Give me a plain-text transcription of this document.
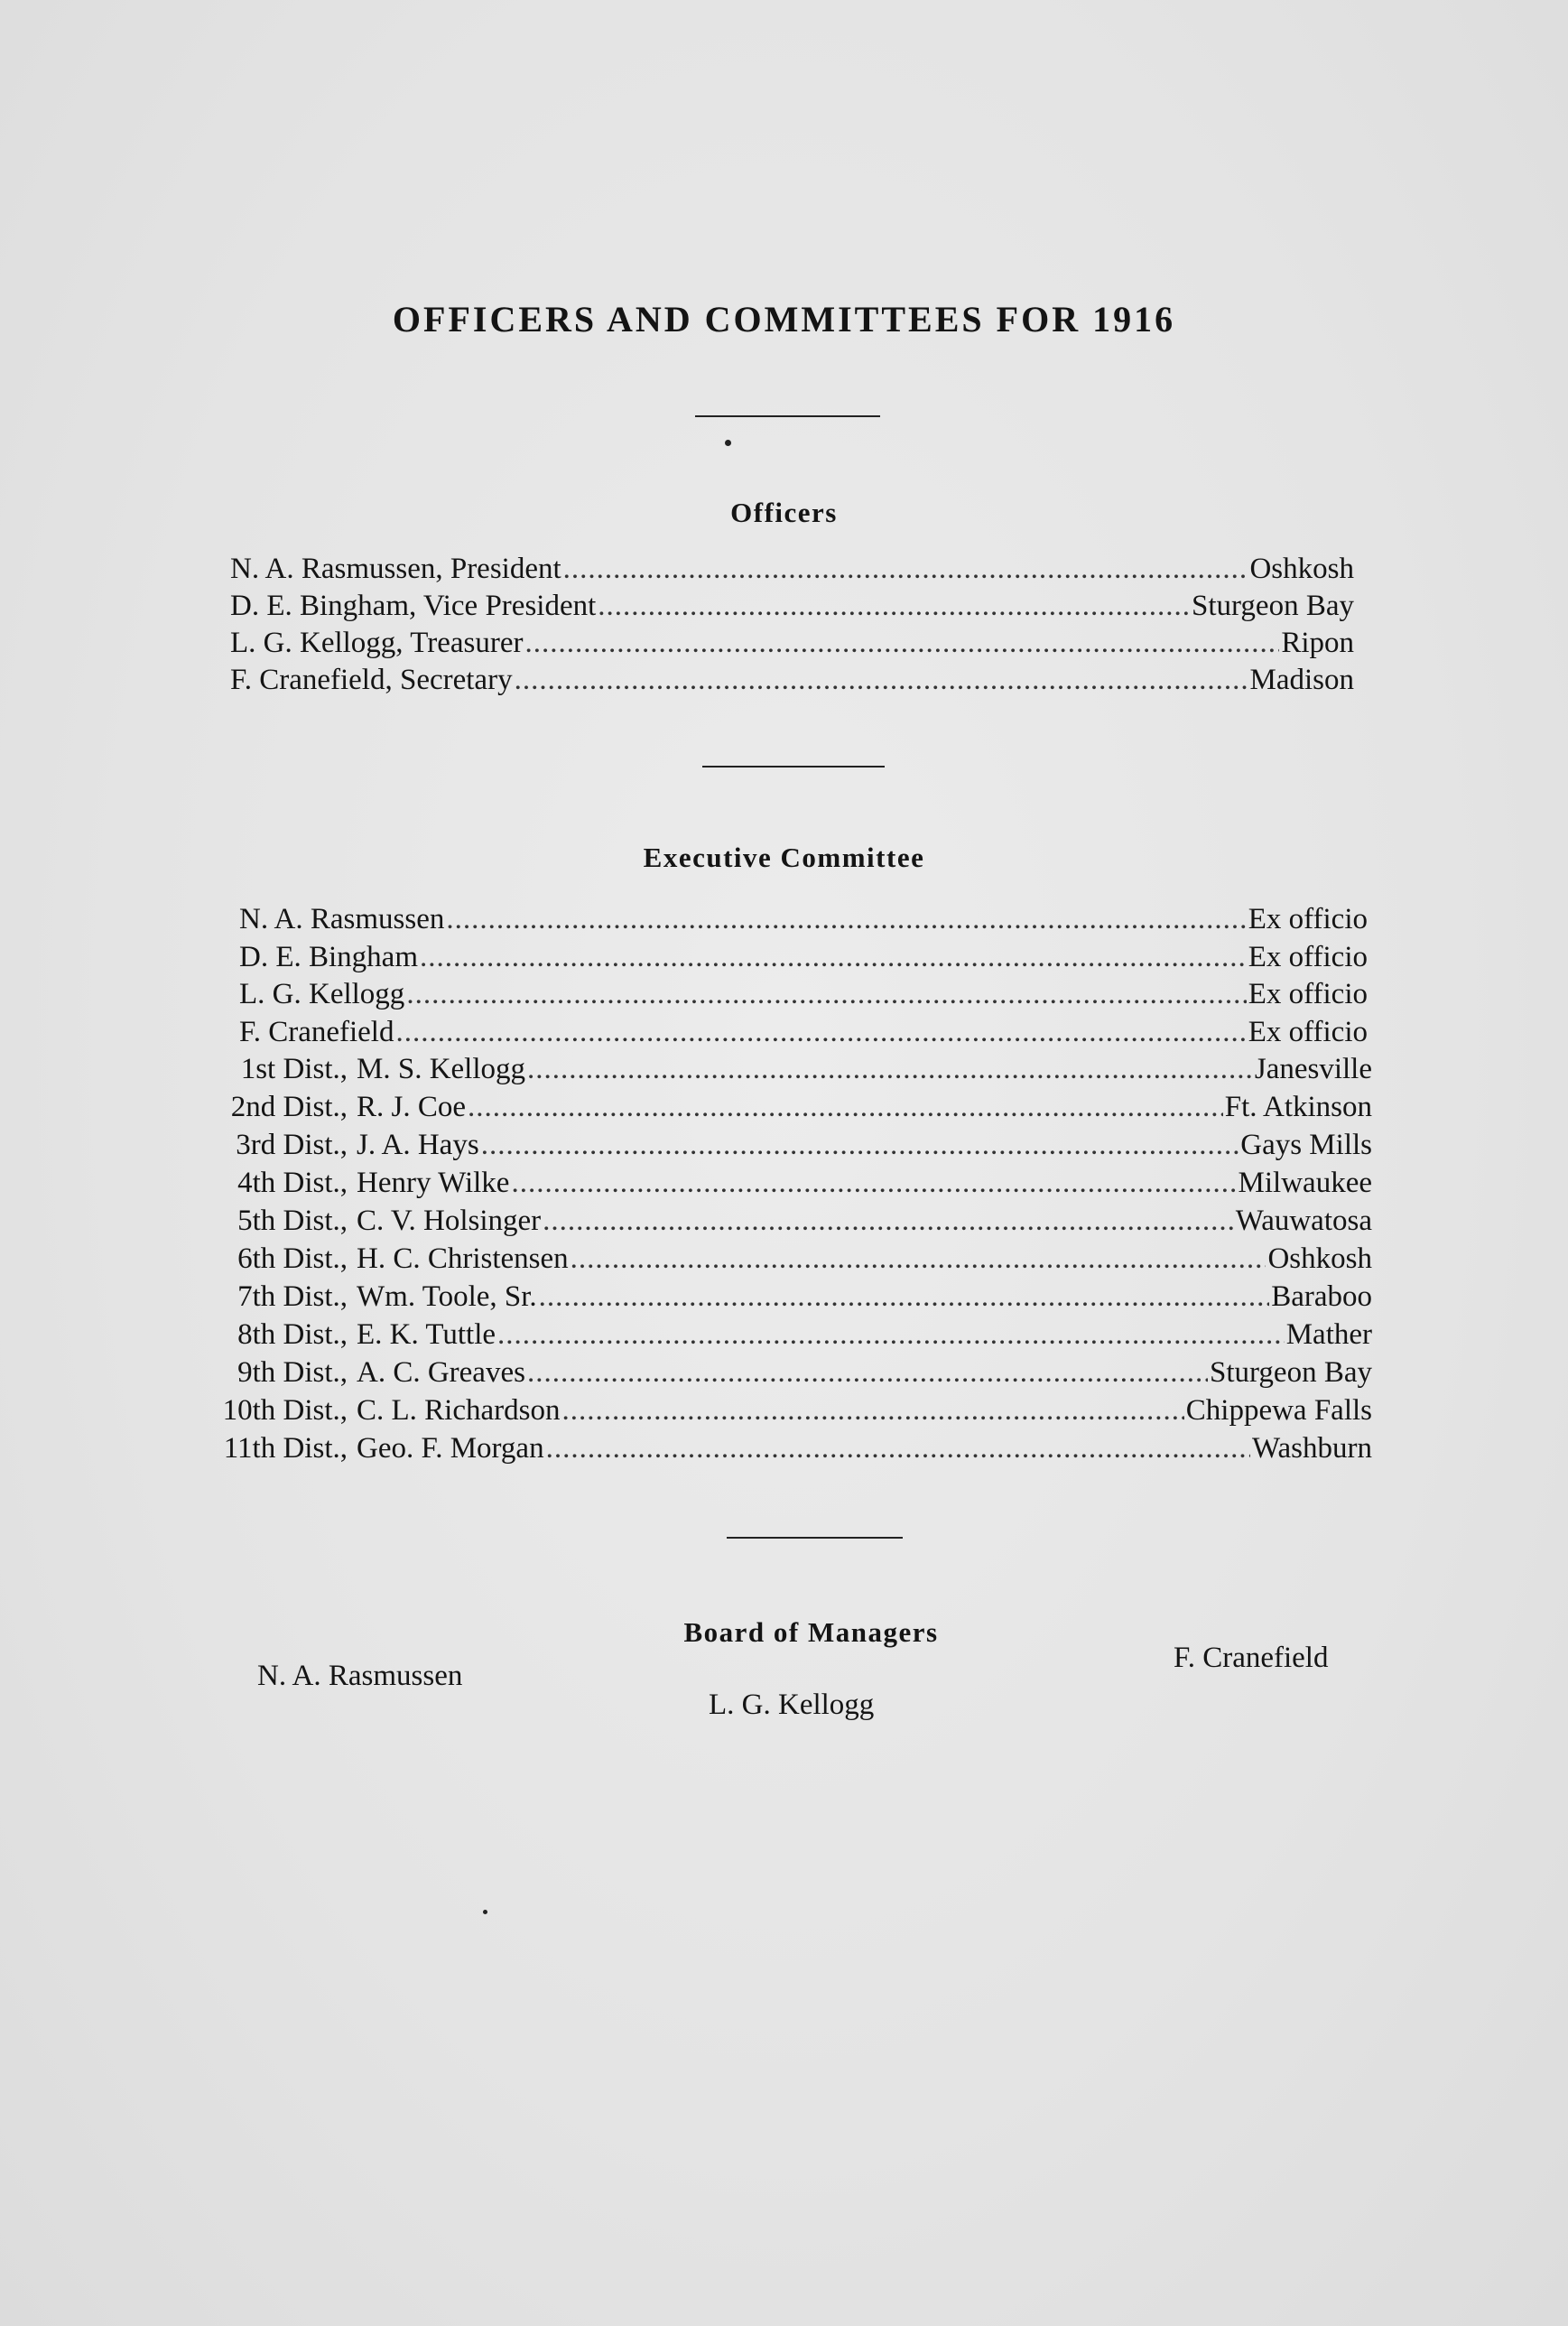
OFFICERS AND COMMITTEES FOR 1916
Officers
N. A. Rasmussen, President .....	Oshkosh
D. E. Bingham, Vice President .....	Sturgeon Bay
L. G. Kellogg, Treasurer .....	Ripon
F. Cranefield, Secretary .....	Madison
Executive Committee
N. A. Rasmussen .....	Ex officio
D. E. Bingham .....	Ex officio
L. G. Kellogg .....	Ex officio
F. Cranefield .....	Ex officio
1st Dist., M. S. Kellogg .....	Janesville
2nd Dist., R. J. Coe .....	Ft. Atkinson
3rd Dist., J. A. Hays .....	Gays Mills
4th Dist., Henry Wilke .....	Milwaukee
5th Dist., C. V. Holsinger .....	Wauwatosa
6th Dist., H. C. Christensen .....	Oshkosh
7th Dist., Wm. Toole, Sr. .....	Baraboo
8th Dist., E. K. Tuttle .....	Mather
9th Dist., A. C. Greaves .....	Sturgeon Bay
10th Dist., C. L. Richardson .....	Chippewa Falls
11th Dist., Geo. F. Morgan .....	Washburn
Board of Managers
N. A. Rasmussen
L. G. Kellogg
F. Cranefield
